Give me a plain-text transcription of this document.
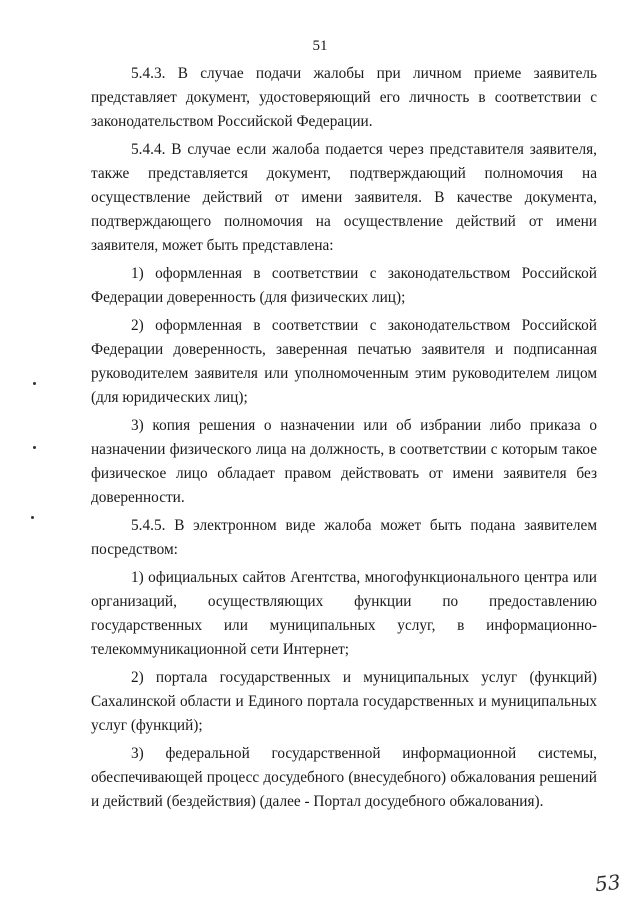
51

5.4.3. В случае подачи жалобы при личном приеме заявитель представляет документ, удостоверяющий его личность в соответствии с законодательством Российской Федерации.

5.4.4. В случае если жалоба подается через представителя заявителя, также представляется документ, подтверждающий полномочия на осуществление действий от имени заявителя. В качестве документа, подтверждающего полномочия на осуществление действий от имени заявителя, может быть представлена:

1) оформленная в соответствии с законодательством Российской Федерации доверенность (для физических лиц);

2) оформленная в соответствии с законодательством Российской Федерации доверенность, заверенная печатью заявителя и подписанная руководителем заявителя или уполномоченным этим руководителем лицом (для юридических лиц);

3) копия решения о назначении или об избрании либо приказа о назначении физического лица на должность, в соответствии с которым такое физическое лицо обладает правом действовать от имени заявителя без доверенности.

5.4.5. В электронном виде жалоба может быть подана заявителем посредством:

1) официальных сайтов Агентства, многофункционального центра или организаций, осуществляющих функции по предоставлению государственных или муниципальных услуг, в информационно-телекоммуникационной сети Интернет;

2) портала государственных и муниципальных услуг (функций) Сахалинской области и Единого портала государственных и муниципальных услуг (функций);

3) федеральной государственной информационной системы, обеспечивающей процесс досудебного (внесудебного) обжалования решений и действий (бездействия) (далее - Портал досудебного обжалования).

53
